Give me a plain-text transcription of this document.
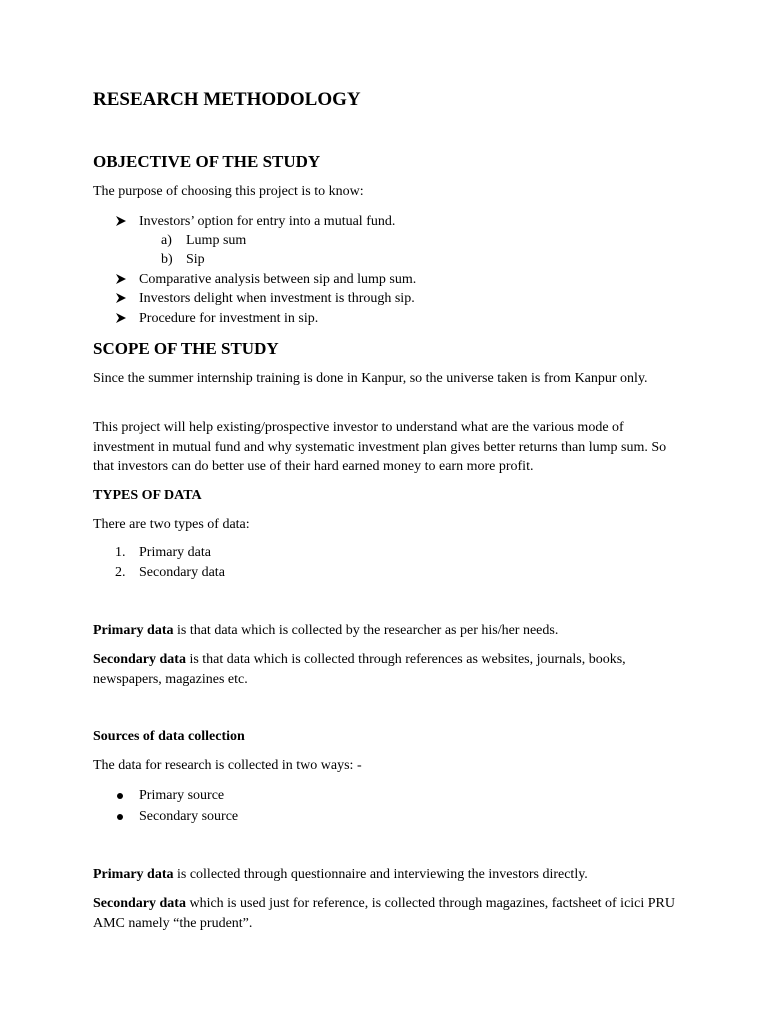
RESEARCH METHODOLOGY
OBJECTIVE OF THE STUDY
The purpose of choosing this project is to know:
Investors’ option for entry into a mutual fund.
a) Lump sum
b) Sip
Comparative analysis between sip and lump sum.
Investors delight when investment is through sip.
Procedure for investment in sip.
SCOPE OF THE STUDY
Since the summer internship training is done in Kanpur, so the universe taken is from Kanpur only.
This project will help existing/prospective investor to understand what are the various mode of investment in mutual fund and why systematic investment plan gives better returns than lump sum. So that investors can do better use of their hard earned money to earn more profit.
TYPES OF DATA
There are two types of data:
1. Primary data
2. Secondary data
Primary data is that data which is collected by the researcher as per his/her needs.
Secondary data is that data which is collected through references as websites, journals, books, newspapers, magazines etc.
Sources of data collection
The data for research is collected in two ways: -
Primary source
Secondary source
Primary data is collected through questionnaire and interviewing the investors directly.
Secondary data which is used just for reference, is collected through magazines, factsheet of icici PRU AMC namely “the prudent”.
